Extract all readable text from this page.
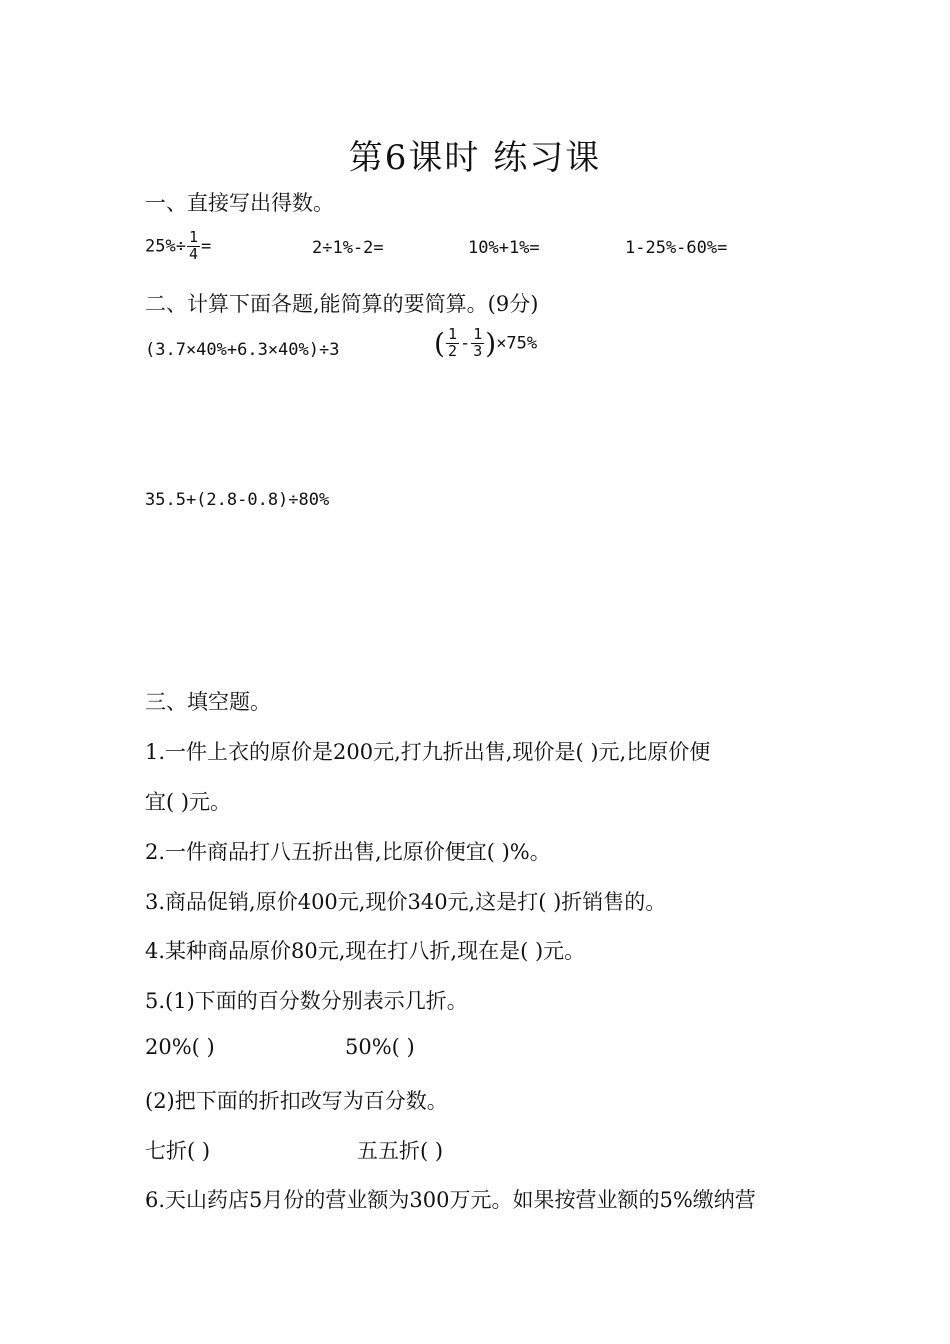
第6课时 练习课
一、直接写出得数。
$25\%\div \frac{1}{4}$ =	2÷1%-2=	10%+1%=	1-25%-60%=
二、计算下面各题,能简算的要简算。(9分)
(3.7×40%+6.3×40%)÷3	( $\frac{1}{2} - \frac{1}{3} )\times 75\%$
35.5+(2.8-0.8)÷80%
三、填空题。
1.一件上衣的原价是200元,打九折出售,现价是( )元,比原价便
宜( )元。
2.一件商品打八五折出售,比原价便宜( )%。
3.商品促销,原价400元,现价340元,这是打( )折销售的。
4.某种商品原价80元,现在打八折,现在是( )元。
5.(1)下面的百分数分别表示几折。
20%( )	50%( )
(2)把下面的折扣改写为百分数。
七折( )	五五折( )
6.天山药店5月份的营业额为300万元。如果按营业额的5%缴纳营
